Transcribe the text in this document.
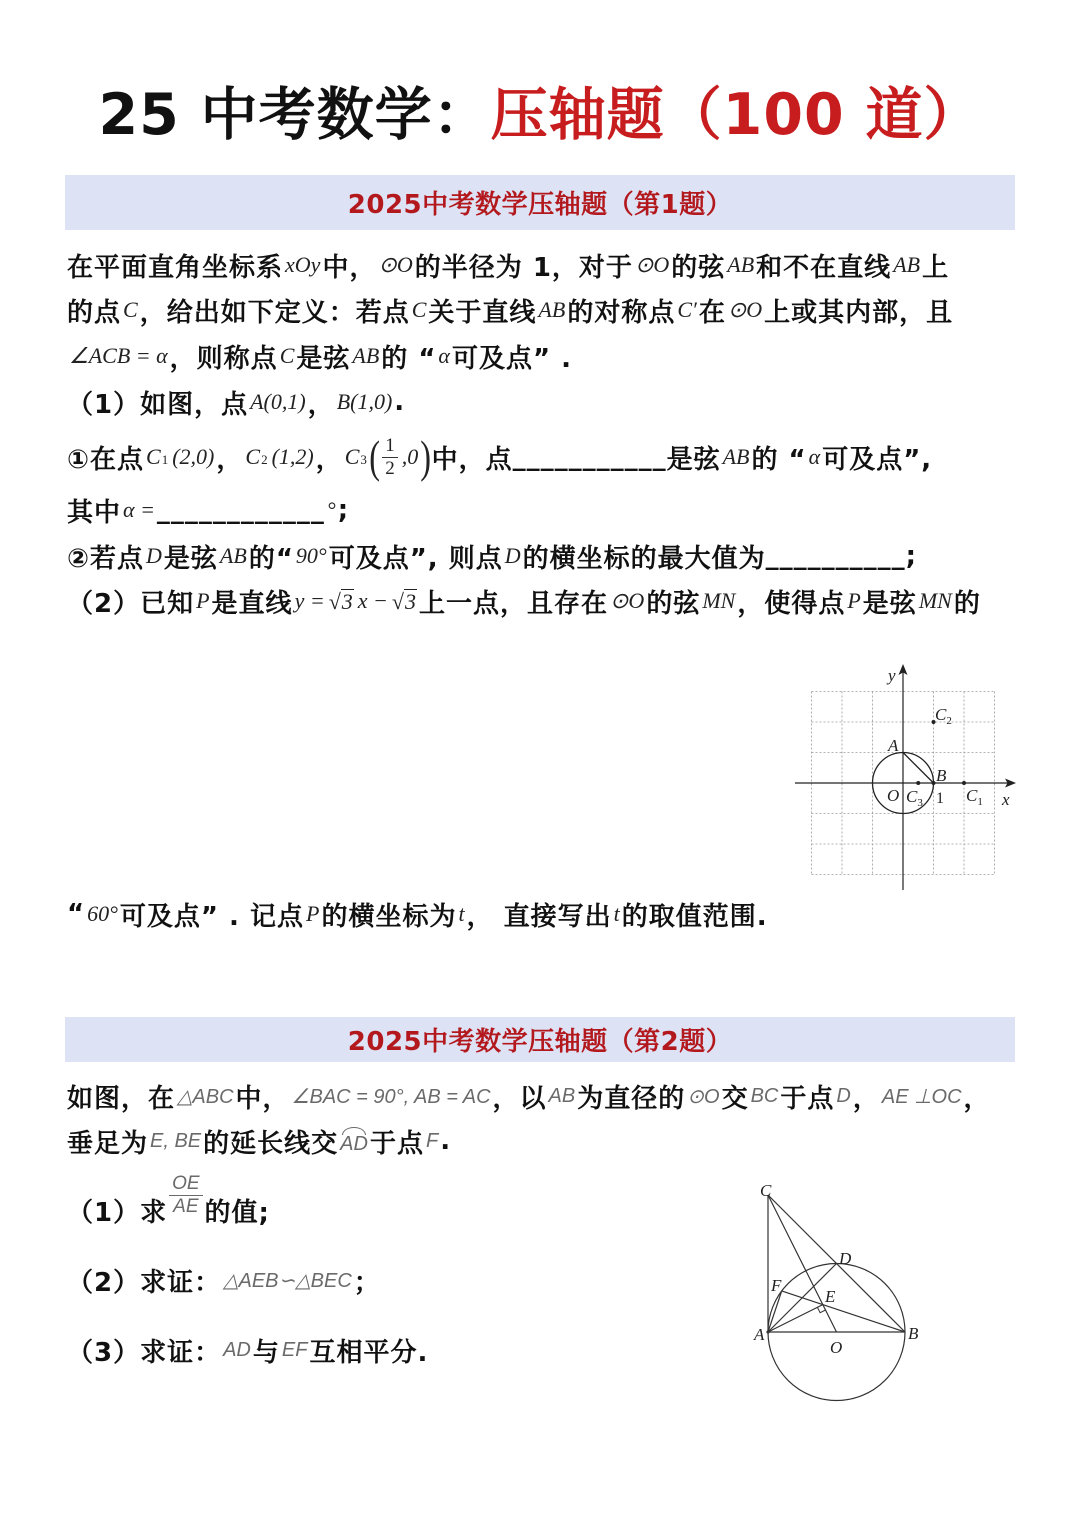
25 中考数学：压轴题（100 道）
2025中考数学压轴题（第1题）
在平面直角坐标系 xOy 中， ⊙O 的半径为 1，对于 ⊙O 的弦 AB 和不在直线 AB 上
的点 C ，给出如下定义：若点 C 关于直线 AB 的对称点 C′ 在 ⊙O 上或其内部，且
∠ACB = α ，则称点 C 是弦 AB 的 “ α 可及点” .
（1）如图，点 A(0,1) ， B(1,0) .
①在点 C 1 (2,0) ， C 2 (1,2) ， C 3 ( $\frac{1}{2} ,0$ ) 中，点 ___________ 是弦 AB 的 “ α 可及点”,
其中 α = ____________ ° ;
②若点 D 是弦 AB 的“ 90° 可及点”, 则点 D 的横坐标的最大值为 __________ ;
（2）已知 P 是直线 y = √ 3 x − √ 3 上一点，且存在 ⊙O 的弦 MN ，使得点 P 是弦 MN 的
“ 60° 可及点” . 记点 P 的横坐标为 t ， 直接写出 t 的取值范围.
y
x
A
B
$C_2$
O $C_3$ 1 $C_1$
2025中考数学压轴题（第2题）
如图，在 △ABC 中， ∠BAC = 90°, AB = AC ，以 AB 为直径的 ⊙O 交 BC 于点 D ， AE ⊥OC ，
垂足为 E, BE 的延长线交 AD 于点 F .
（1）求 $\frac{OE}{AE}$ 的值;
（2）求证： △AEB∽△BEC ；
（3）求证： AD 与 EF 互相平分.
C
D
F
E
A
O
B
